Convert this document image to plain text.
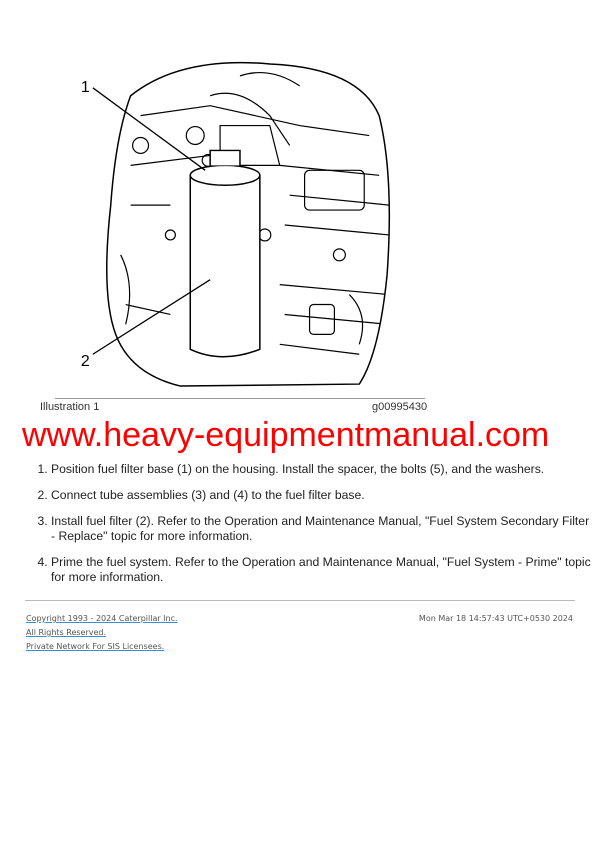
1
2
Illustration 1	g00995430
www.heavy-equipmentmanual.com
1. Position fuel filter base (1) on the housing. Install the spacer, the bolts (5), and the washers.
2. Connect tube assemblies (3) and (4) to the fuel filter base.
3. Install fuel filter (2). Refer to the Operation and Maintenance Manual, "Fuel System Secondary Filter - Replace" topic for more information.
4. Prime the fuel system. Refer to the Operation and Maintenance Manual, "Fuel System - Prime" topic for more information.
Copyright 1993 - 2024 Caterpillar Inc.
All Rights Reserved.
Private Network For SIS Licensees.
Mon Mar 18 14:57:43 UTC+0530 2024
